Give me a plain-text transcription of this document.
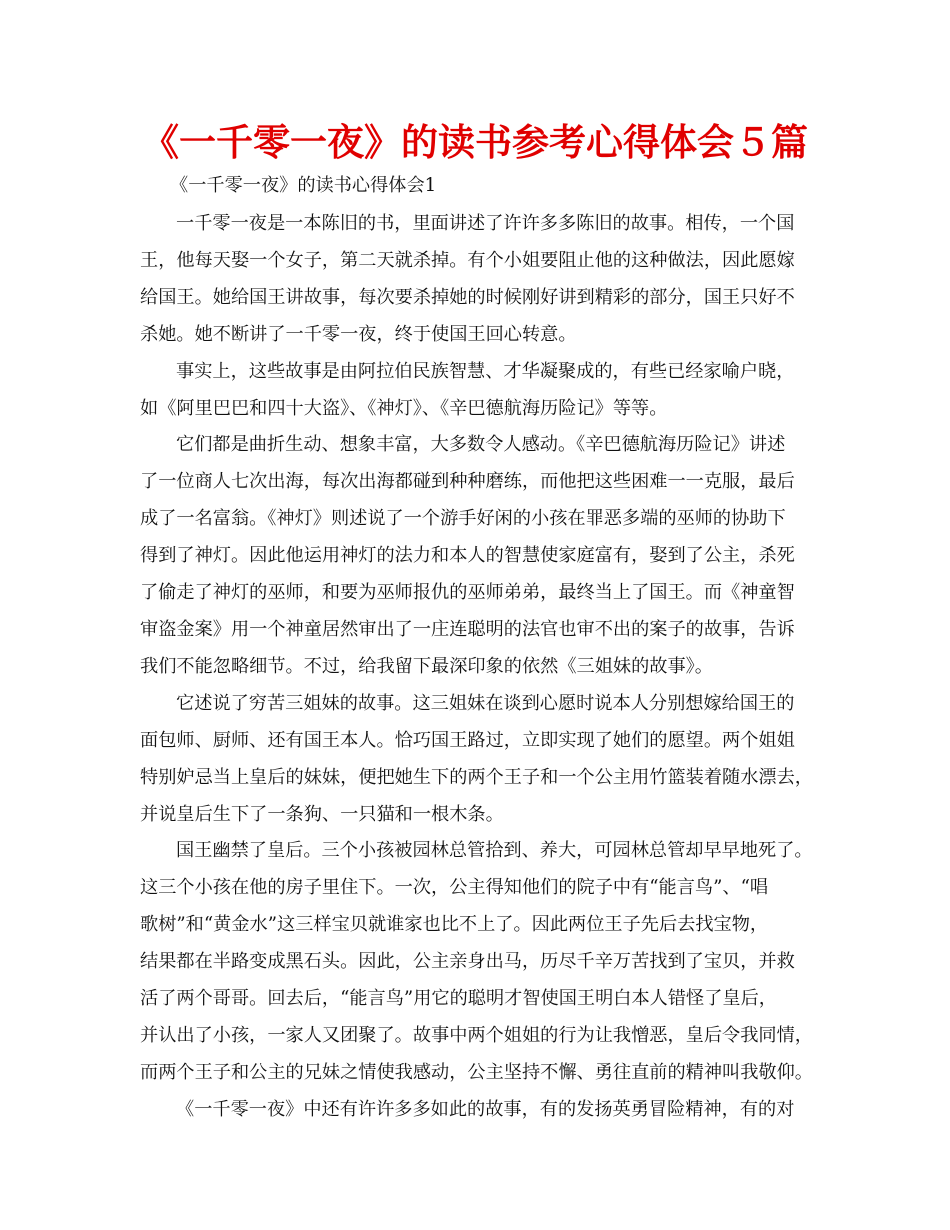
《一千零一夜》的读书参考心得体会５篇

《一千零一夜》的读书心得体会1

一千零一夜是一本陈旧的书，里面讲述了许许多多陈旧的故事。相传，一个国
王，他每天娶一个女子，第二天就杀掉。有个小姐要阻止他的这种做法，因此愿嫁
给国王。她给国王讲故事，每次要杀掉她的时候刚好讲到精彩的部分，国王只好不
杀她。她不断讲了一千零一夜，终于使国王回心转意。

事实上，这些故事是由阿拉伯民族智慧、才华凝聚成的，有些已经家喻户晓，
如《阿里巴巴和四十大盗》、《神灯》、《辛巴德航海历险记》等等。

它们都是曲折生动、想象丰富，大多数令人感动。《辛巴德航海历险记》讲述
了一位商人七次出海，每次出海都碰到种种磨练，而他把这些困难一一克服，最后
成了一名富翁。《神灯》则述说了一个游手好闲的小孩在罪恶多端的巫师的协助下
得到了神灯。因此他运用神灯的法力和本人的智慧使家庭富有，娶到了公主，杀死
了偷走了神灯的巫师，和要为巫师报仇的巫师弟弟，最终当上了国王。而《神童智
审盗金案》用一个神童居然审出了一庄连聪明的法官也审不出的案子的故事，告诉
我们不能忽略细节。不过，给我留下最深印象的依然《三姐妹的故事》。

它述说了穷苦三姐妹的故事。这三姐妹在谈到心愿时说本人分别想嫁给国王的
面包师、厨师、还有国王本人。恰巧国王路过，立即实现了她们的愿望。两个姐姐
特别妒忌当上皇后的妹妹，便把她生下的两个王子和一个公主用竹篮装着随水漂去，
并说皇后生下了一条狗、一只猫和一根木条。

国王幽禁了皇后。三个小孩被园林总管拾到、养大，可园林总管却早早地死了。
这三个小孩在他的房子里住下。一次，公主得知他们的院子中有“能言鸟”、“唱
歌树”和“黄金水”这三样宝贝就谁家也比不上了。因此两位王子先后去找宝物，
结果都在半路变成黑石头。因此，公主亲身出马，历尽千辛万苦找到了宝贝，并救
活了两个哥哥。回去后，“能言鸟”用它的聪明才智使国王明白本人错怪了皇后，
并认出了小孩，一家人又团聚了。故事中两个姐姐的行为让我憎恶，皇后令我同情，
而两个王子和公主的兄妹之情使我感动，公主坚持不懈、勇往直前的精神叫我敬仰。

《一千零一夜》中还有许许多多如此的故事，有的发扬英勇冒险精神，有的对
